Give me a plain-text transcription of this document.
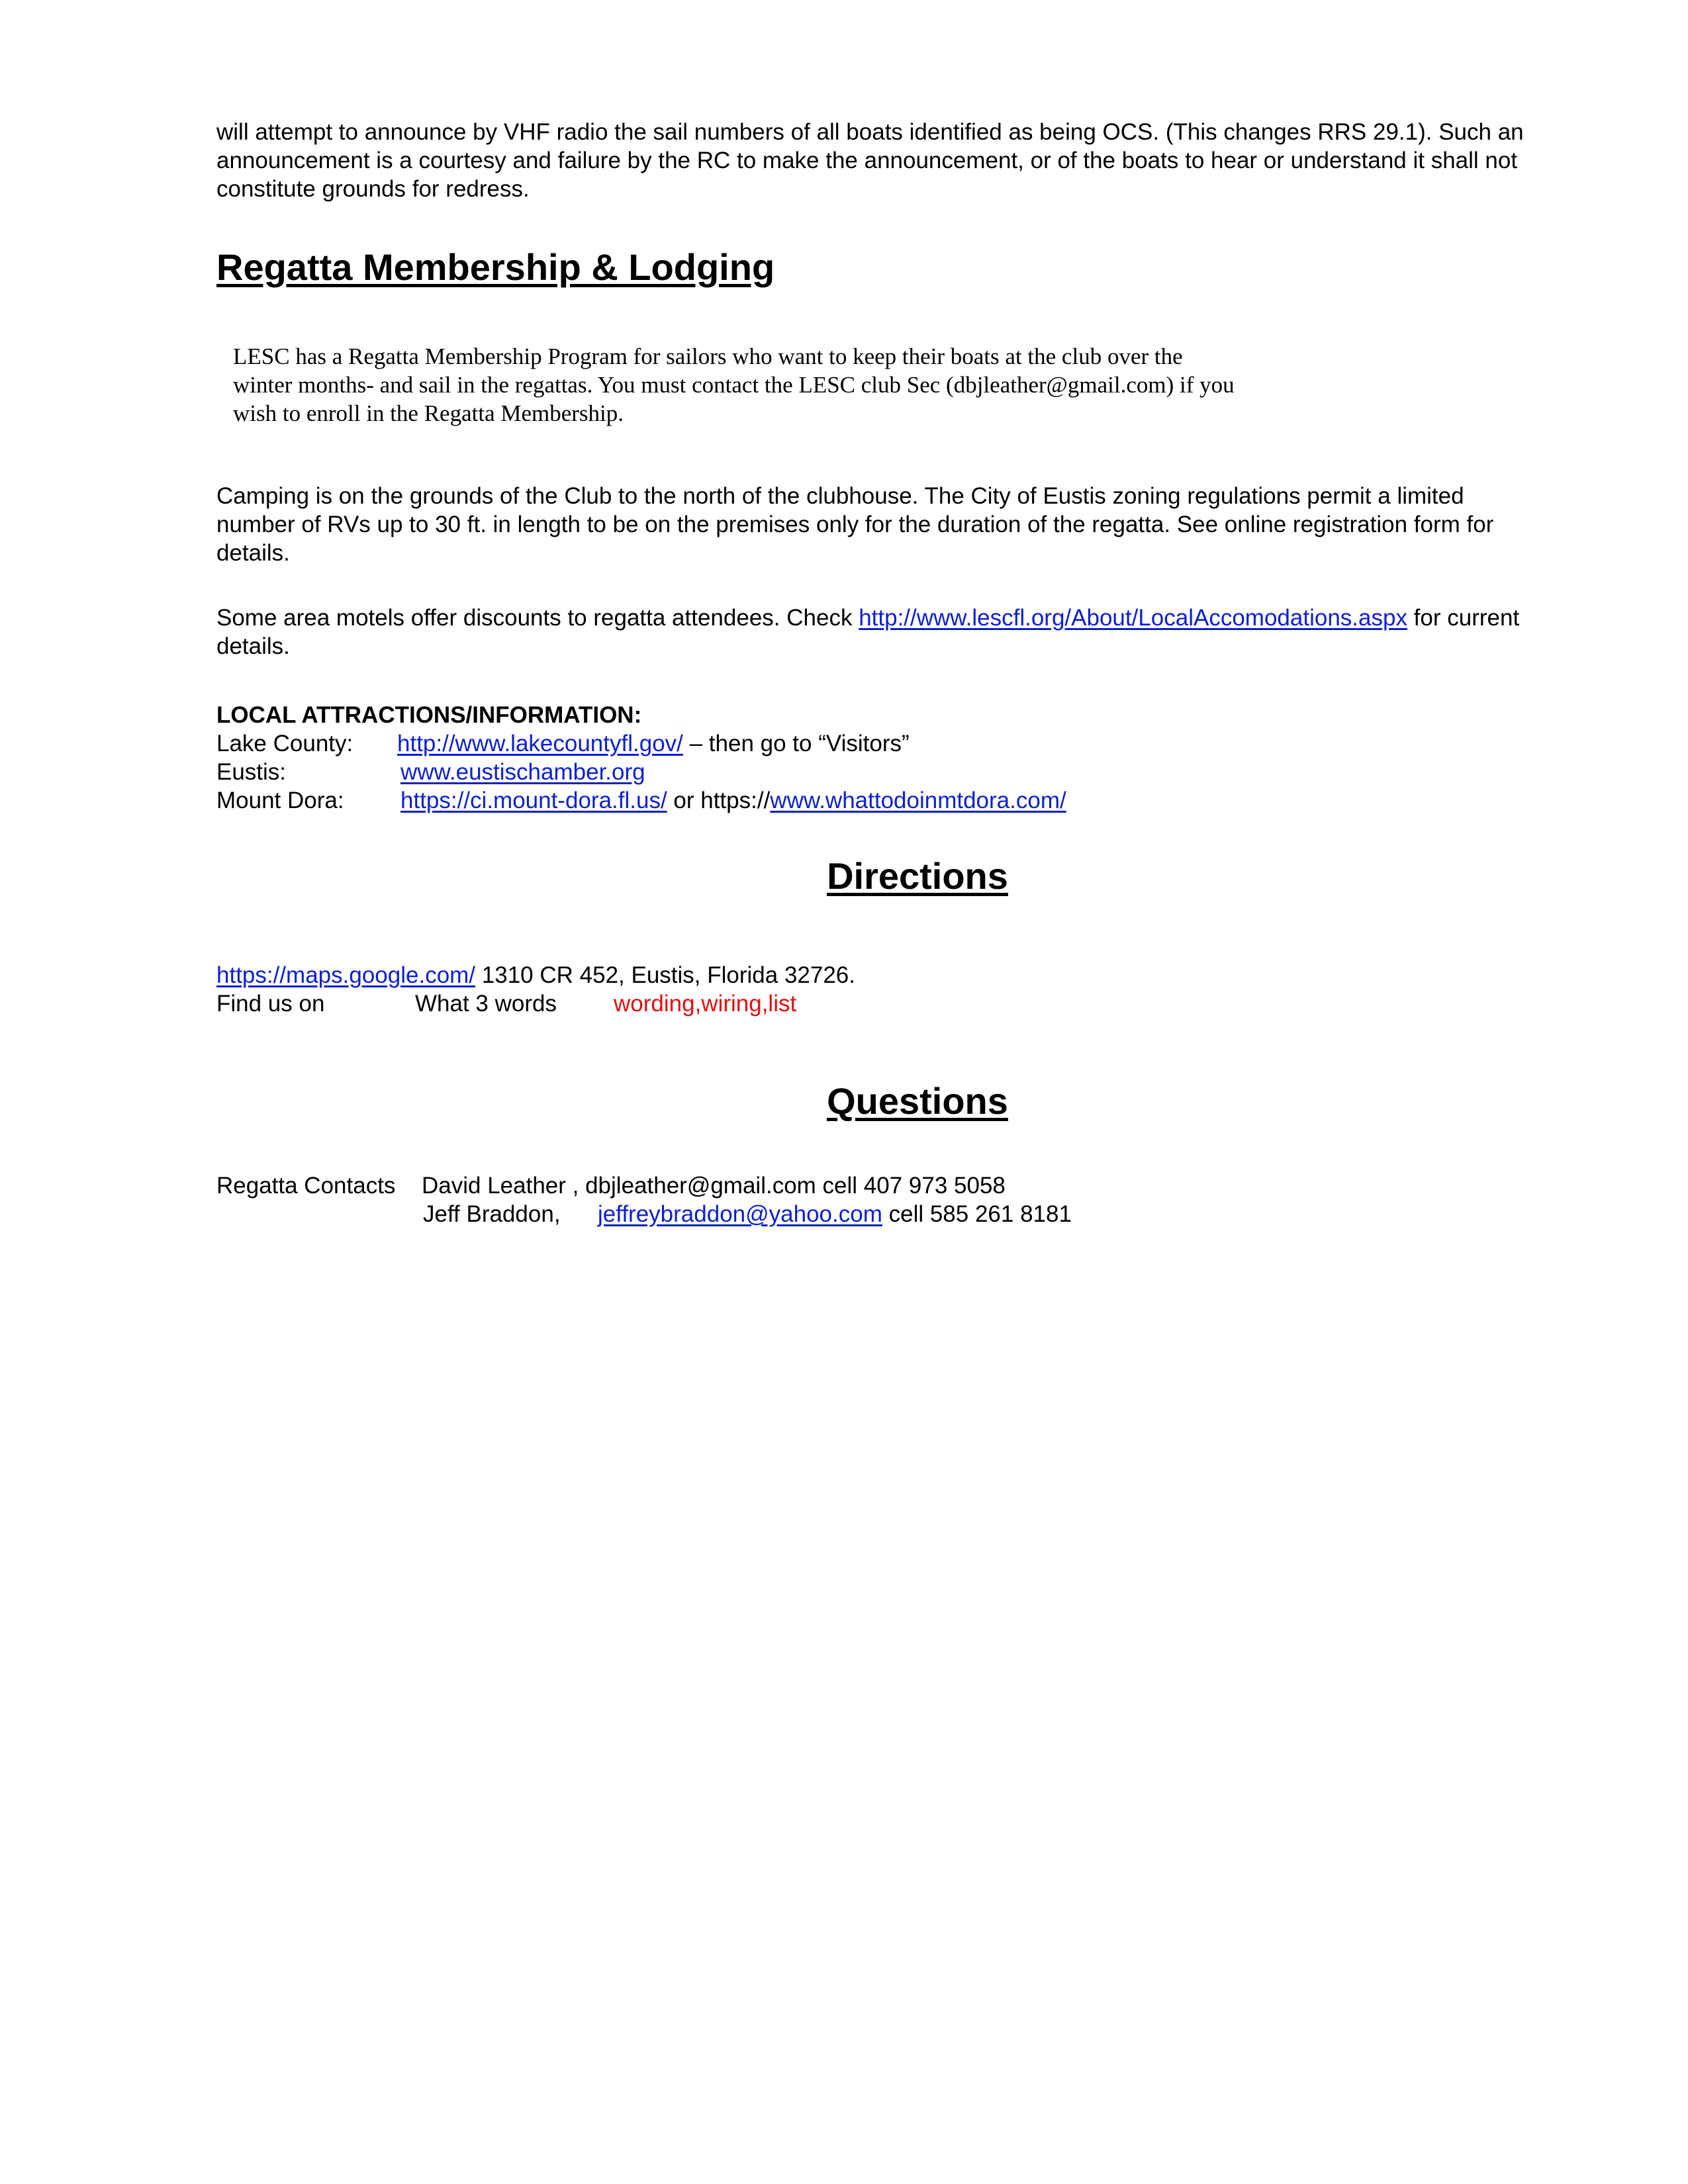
will attempt to announce by VHF radio the sail numbers of all boats identified as being OCS. (This changes RRS 29.1). Such an
announcement is a courtesy and failure by the RC to make the announcement, or of the boats to hear or understand it shall not
constitute grounds for redress.
Regatta Membership & Lodging
LESC has a Regatta Membership Program for sailors who want to keep their boats at the club over the
winter months- and sail in the regattas. You must contact the LESC club Sec (dbjleather@gmail.com) if you
wish to enroll in the Regatta Membership.
Camping is on the grounds of the Club to the north of the clubhouse. The City of Eustis zoning regulations permit a limited
number of RVs up to 30 ft. in length to be on the premises only for the duration of the regatta. See online registration form for
details.
Some area motels offer discounts to regatta attendees. Check http://www.lescfl.org/About/LocalAccomodations.aspx for current
details.
LOCAL ATTRACTIONS/INFORMATION:
Lake County: http://www.lakecountyfl.gov/ – then go to “Visitors”
Eustis:	www.eustischamber.org
Mount Dora: https://ci.mount-dora.fl.us/ or https://www.whattodoinmtdora.com/
Directions
https://maps.google.com/ 1310 CR 452, Eustis, Florida 32726.
Find us on	What 3 words wording,wiring,list
Questions
Regatta Contacts David Leather , dbjleather@gmail.com cell 407 973 5058
Jeff Braddon, jeffreybraddon@yahoo.com cell 585 261 8181
